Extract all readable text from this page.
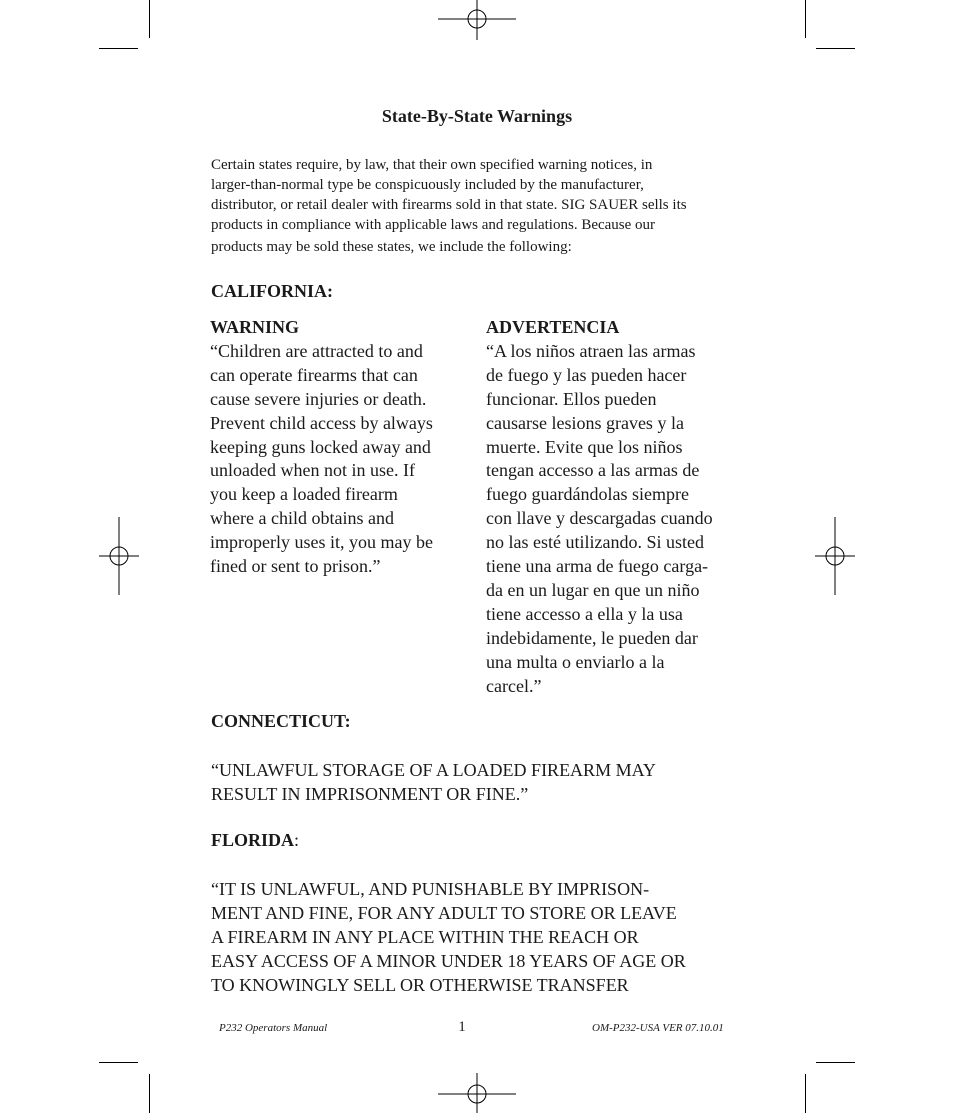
State-By-State Warnings
Certain states require, by law, that their own specified warning notices, in
larger-than-normal type be conspicuously included by the manufacturer,
distributor, or retail dealer with firearms sold in that state. SIG SAUER sells its
products in compliance with applicable laws and regulations. Because our
products may be sold these states, we include the following:
CALIFORNIA:
WARNING

“Children are attracted to and

can operate firearms that can

cause severe injuries or death.

Prevent child access by always

keeping guns locked away and

unloaded when not in use. If

you keep a loaded firearm

where a child obtains and

improperly uses it, you may be

fined or sent to prison.”

ADVERTENCIA

“A los niños atraen las armas

de fuego y las pueden hacer

funcionar. Ellos pueden

causarse lesions graves y la

muerte. Evite que los niños

tengan accesso a las armas de

fuego guardándolas siempre

con llave y descargadas cuando

no las esté utilizando. Si usted

tiene una arma de fuego carga-

da en un lugar en que un niño

tiene accesso a ella y la usa

indebidamente, le pueden dar

una multa o enviarlo a la

carcel.”

CONNECTICUT:
“UNLAWFUL STORAGE OF A LOADED FIREARM MAY
RESULT IN IMPRISONMENT OR FINE.”
FLORIDA:
“IT IS UNLAWFUL, AND PUNISHABLE BY IMPRISON-
MENT AND FINE, FOR ANY ADULT TO STORE OR LEAVE
A FIREARM IN ANY PLACE WITHIN THE REACH OR
EASY ACCESS OF A MINOR UNDER 18 YEARS OF AGE OR
TO KNOWINGLY SELL OR OTHERWISE TRANSFER
P232 Operators Manual	1	OM-P232-USA VER 07.10.01
